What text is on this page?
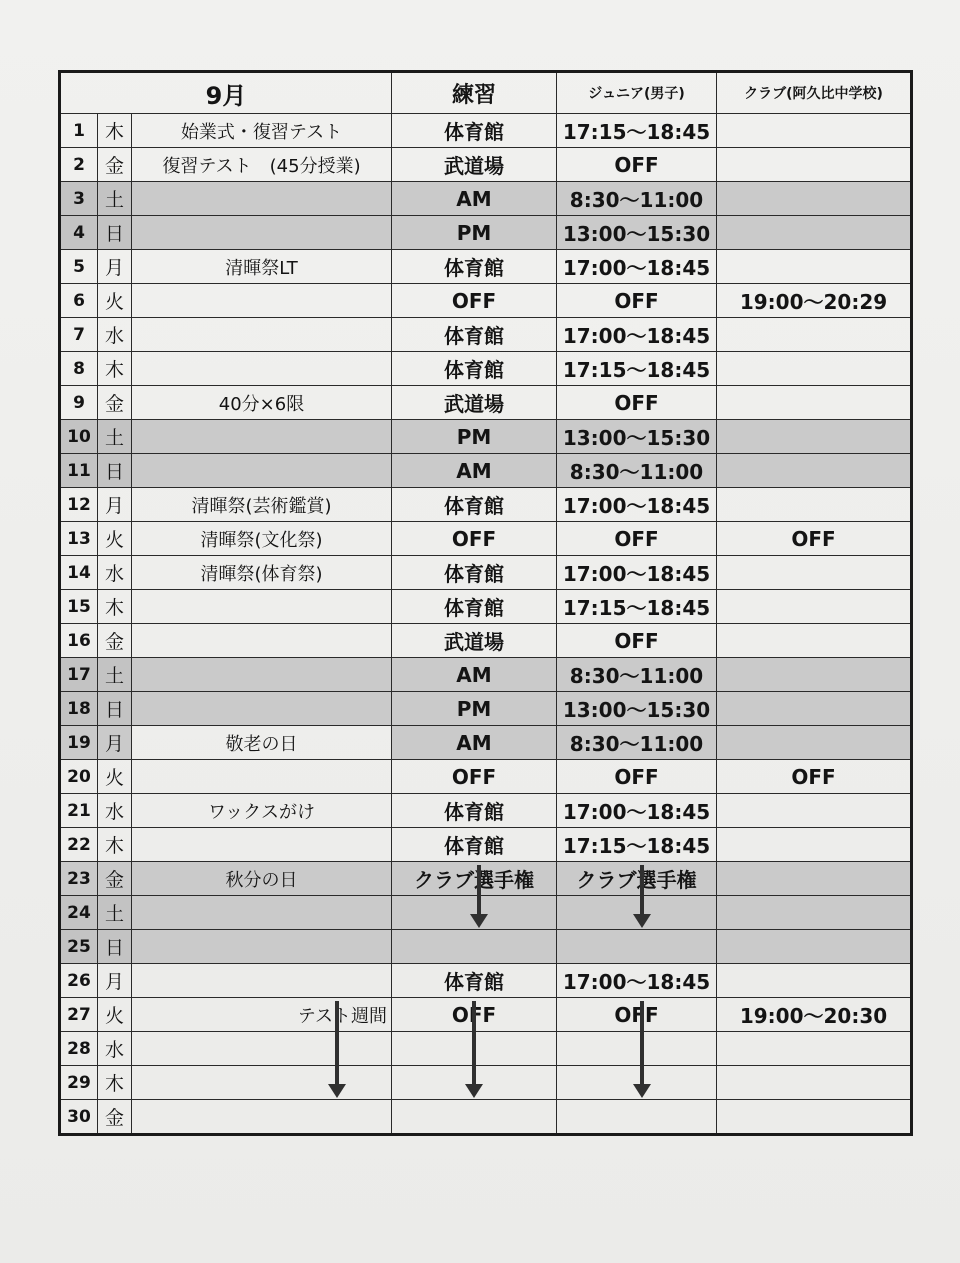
9月			練習	ジュニア(男子)	クラブ(阿久比中学校)
1	木	始業式・復習テスト	体育館	17:15～18:45	
2	金	復習テスト　(45分授業)	武道場	OFF	
3	土		AM	8:30～11:00	
4	日		PM	13:00～15:30	
5	月	清暉祭LT	体育館	17:00～18:45	
6	火		OFF	OFF	19:00～20:29
7	水		体育館	17:00～18:45	
8	木		体育館	17:15～18:45	
9	金	40分×6限	武道場	OFF	
10	土		PM	13:00～15:30	
11	日		AM	8:30～11:00	
12	月	清暉祭(芸術鑑賞)	体育館	17:00～18:45	
13	火	清暉祭(文化祭)	OFF	OFF	OFF
14	水	清暉祭(体育祭)	体育館	17:00～18:45	
15	木		体育館	17:15～18:45	
16	金		武道場	OFF	
17	土		AM	8:30～11:00	
18	日		PM	13:00～15:30	
19	月	敬老の日	AM	8:30～11:00	
20	火		OFF	OFF	OFF
21	水	ワックスがけ	体育館	17:00～18:45	
22	木		体育館	17:15～18:45	
23	金	秋分の日	クラブ選手権	クラブ選手権	
24	土				
25	日				
26	月		体育館	17:00～18:45	
27	火	テスト週間	OFF	OFF	19:00～20:30
28	水				
29	木				
30	金				
